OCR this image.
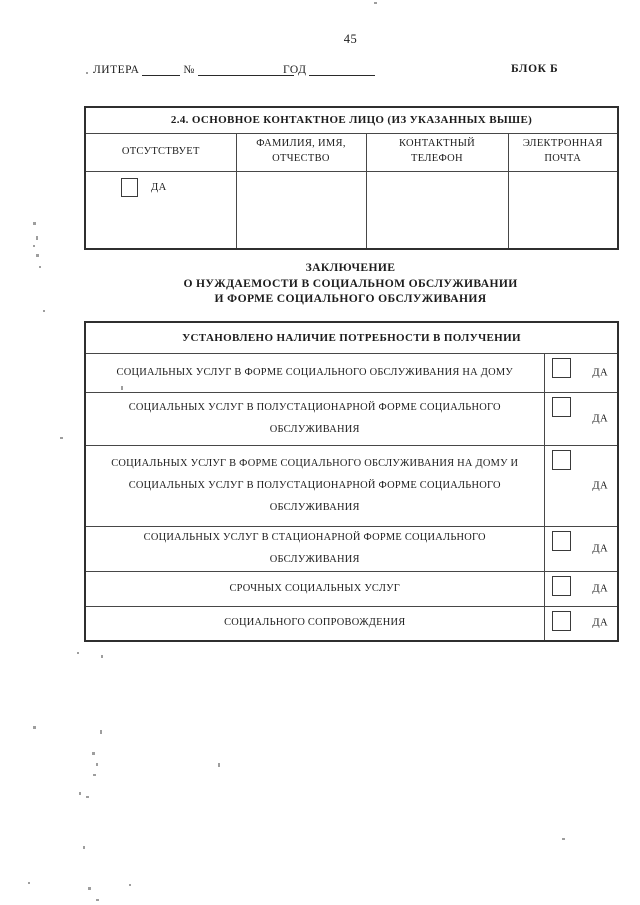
45
ЛИТЕРА	№	ГОД	БЛОК Б
2.4. ОСНОВНОЕ КОНТАКТНОЕ ЛИЦО (ИЗ УКАЗАННЫХ ВЫШЕ)			
ОТСУТСТВУЕТ	ФАМИЛИЯ, ИМЯ, ОТЧЕСТВО	КОНТАКТНЫЙ ТЕЛЕФОН	ЭЛЕКТРОННАЯ ПОЧТА

ДА			

ЗАКЛЮЧЕНИЕ
О НУЖДАЕМОСТИ В СОЦИАЛЬНОМ ОБСЛУЖИВАНИИ
И ФОРМЕ СОЦИАЛЬНОГО ОБСЛУЖИВАНИЯ
УСТАНОВЛЕНО НАЛИЧИЕ ПОТРЕБНОСТИ В ПОЛУЧЕНИИ	
СОЦИАЛЬНЫХ УСЛУГ В ФОРМЕ СОЦИАЛЬНОГО ОБСЛУЖИВАНИЯ НА ДОМУ	ДА

СОЦИАЛЬНЫХ УСЛУГ В ПОЛУСТАЦИОНАРНОЙ ФОРМЕ СОЦИАЛЬНОГО ОБСЛУЖИВАНИЯ	ДА

СОЦИАЛЬНЫХ УСЛУГ В ФОРМЕ СОЦИАЛЬНОГО ОБСЛУЖИВАНИЯ НА ДОМУ И СОЦИАЛЬНЫХ УСЛУГ В ПОЛУСТАЦИОНАРНОЙ ФОРМЕ СОЦИАЛЬНОГО ОБСЛУЖИВАНИЯ	ДА

СОЦИАЛЬНЫХ УСЛУГ В СТАЦИОНАРНОЙ ФОРМЕ СОЦИАЛЬНОГО ОБСЛУЖИВАНИЯ	ДА

СРОЧНЫХ СОЦИАЛЬНЫХ УСЛУГ	ДА

СОЦИАЛЬНОГО СОПРОВОЖДЕНИЯ	ДА
